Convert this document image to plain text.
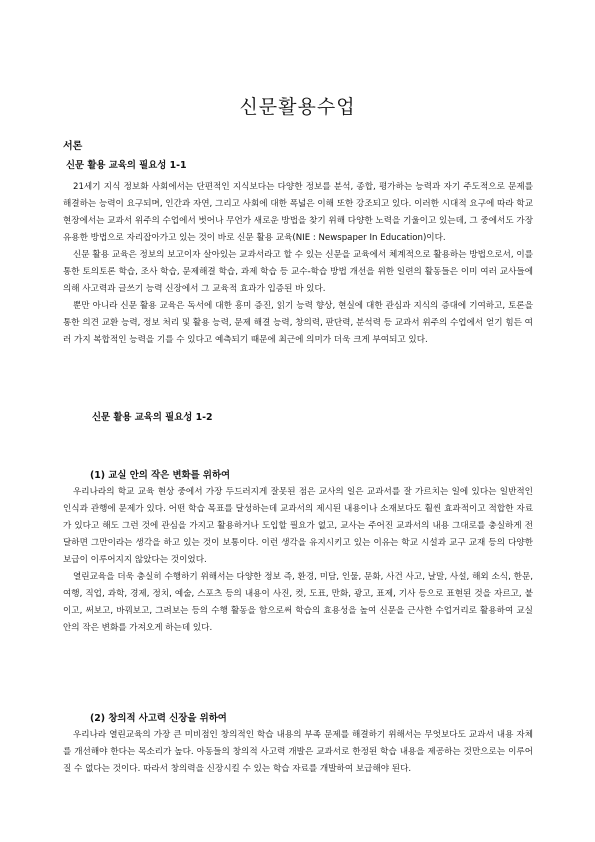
신문활용수업
서론
신문 활용 교육의 필요성 1-1

21세기 지식 정보화 사회에서는 단편적인 지식보다는 다양한 정보를 분석, 종합, 평가하는 능력과 자기 주도적으로 문제를 해결하는 능력이 요구되며, 인간과 자연, 그리고 사회에 대한 폭넓은 이해 또한 강조되고 있다. 이러한 시대적 요구에 따라 학교 현장에서는 교과서 위주의 수업에서 벗어나 무언가 새로운 방법을 찾기 위해 다양한 노력을 기울이고 있는데, 그 중에서도 가장 유용한 방법으로 자리잡아가고 있는 것이 바로 신문 활용 교육(NIE : Newspaper In Education)이다.

신문 활용 교육은 정보의 보고이자 살아있는 교과서라고 할 수 있는 신문을 교육에서 체계적으로 활용하는 방법으로서, 이를 통한 토의토론 학습, 조사 학습, 문제해결 학습, 과제 학습 등 교수-학습 방법 개선을 위한 일련의 활동들은 이미 여러 교사들에 의해 사고력과 글쓰기 능력 신장에서 그 교육적 효과가 입증된 바 있다.

뿐만 아니라 신문 활용 교육은 독서에 대한 흥미 증진, 읽기 능력 향상, 현실에 대한 관심과 지식의 증대에 기여하고, 토론을 통한 의견 교환 능력, 정보 처리 및 활용 능력, 문제 해결 능력, 창의력, 판단력, 분석력 등 교과서 위주의 수업에서 얻기 힘든 여러 가지 복합적인 능력을 기를 수 있다고 예측되기 때문에 최근에 의미가 더욱 크게 부여되고 있다.

신문 활용 교육의 필요성 1-2
(1) 교실 안의 작은 변화를 위하여

우리나라의 학교 교육 현상 중에서 가장 두드러지게 잘못된 점은 교사의 일은 교과서를 잘 가르치는 일에 있다는 일반적인 인식과 관행에 문제가 있다. 어떤 학습 목표를 달성하는데 교과서의 제시된 내용이나 소재보다도 훨씬 효과적이고 적합한 자료가 있다고 해도 그런 것에 관심을 가지고 활용하거나 도입할 필요가 없고, 교사는 주어진 교과서의 내용 그대로를 충실하게 전달하면 그만이라는 생각을 하고 있는 것이 보통이다. 이런 생각을 유지시키고 있는 이유는 학교 시설과 교구 교재 등의 다양한 보급이 이루어지지 않았다는 것이었다.

열린교육을 더욱 충실히 수행하기 위해서는 다양한 정보 즉, 환경, 미담, 인물, 문화, 사건 사고, 날말, 사설, 해외 소식, 한문, 여행, 직업, 과학, 경제, 정치, 예술, 스포츠 등의 내용이 사진, 컷, 도표, 만화, 광고, 표제, 기사 등으로 표현된 것을 자르고, 붙이고, 써보고, 바꿔보고, 그려보는 등의 수행 활동을 함으로써 학습의 효용성을 높여 신문을 근사한 수업거리로 활용하여 교실 안의 작은 변화를 가져오게 하는데 있다.

(2) 창의적 사고력 신장을 위하여

우리나라 열린교육의 가장 큰 미비점인 창의적인 학습 내용의 부족 문제를 해결하기 위해서는 무엇보다도 교과서 내용 자체를 개선해야 한다는 목소리가 높다. 아동들의 창의적 사고력 개발은 교과서로 한정된 학습 내용을 제공하는 것만으로는 이루어질 수 없다는 것이다. 따라서 창의력을 신장시킬 수 있는 학습 자료를 개발하여 보급해야 된다.
